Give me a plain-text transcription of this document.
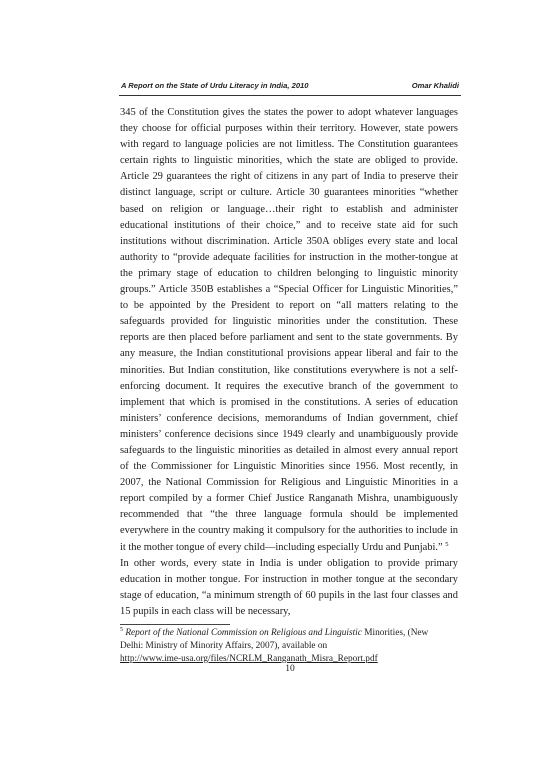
A Report on the State of Urdu Literacy in India, 2010	Omar Khalidi

345 of the Constitution gives the states the power to adopt whatever languages they choose for official purposes within their territory. However, state powers with regard to language policies are not limitless. The Constitution guarantees certain rights to linguistic minorities, which the state are obliged to provide. Article 29 guarantees the right of citizens in any part of India to preserve their distinct language, script or culture. Article 30 guarantees minorities “whether based on religion or language…their right to establish and administer educational institutions of their choice,” and to receive state aid for such institutions without discrimination. Article 350A obliges every state and local authority to “provide adequate facilities for instruction in the mother-tongue at the primary stage of education to children belonging to linguistic minority groups.” Article 350B establishes a “Special Officer for Linguistic Minorities,” to be appointed by the President to report on “all matters relating to the safeguards provided for linguistic minorities under the constitution. These reports are then placed before parliament and sent to the state governments. By any measure, the Indian constitutional provisions appear liberal and fair to the minorities. But Indian constitution, like constitutions everywhere is not a self-enforcing document. It requires the executive branch of the government to implement that which is promised in the constitutions. A series of education ministers’ conference decisions, memorandums of Indian government, chief ministers’ conference decisions since 1949 clearly and unambiguously provide safeguards to the linguistic minorities as detailed in almost every annual report of the Commissioner for Linguistic Minorities since 1956. Most recently, in 2007, the National Commission for Religious and Linguistic Minorities in a report compiled by a former Chief Justice Ranganath Mishra, unambiguously recommended that “the three language formula should be implemented everywhere in the country making it compulsory for the authorities to include in it the mother tongue of every child—including especially Urdu and Punjabi.” $^5$

In other words, every state in India is under obligation to provide primary education in mother tongue. For instruction in mother tongue at the secondary stage of education, “a minimum strength of 60 pupils in the last four classes and 15 pupils in each class will be necessary,

$^5$ Report of the National Commission on Religious and Linguistic Minorities, (New
Delhi: Ministry of Minority Affairs, 2007), available on
http://www.ime-usa.org/files/NCRLM_Ranganath_Misra_Report.pdf
10
